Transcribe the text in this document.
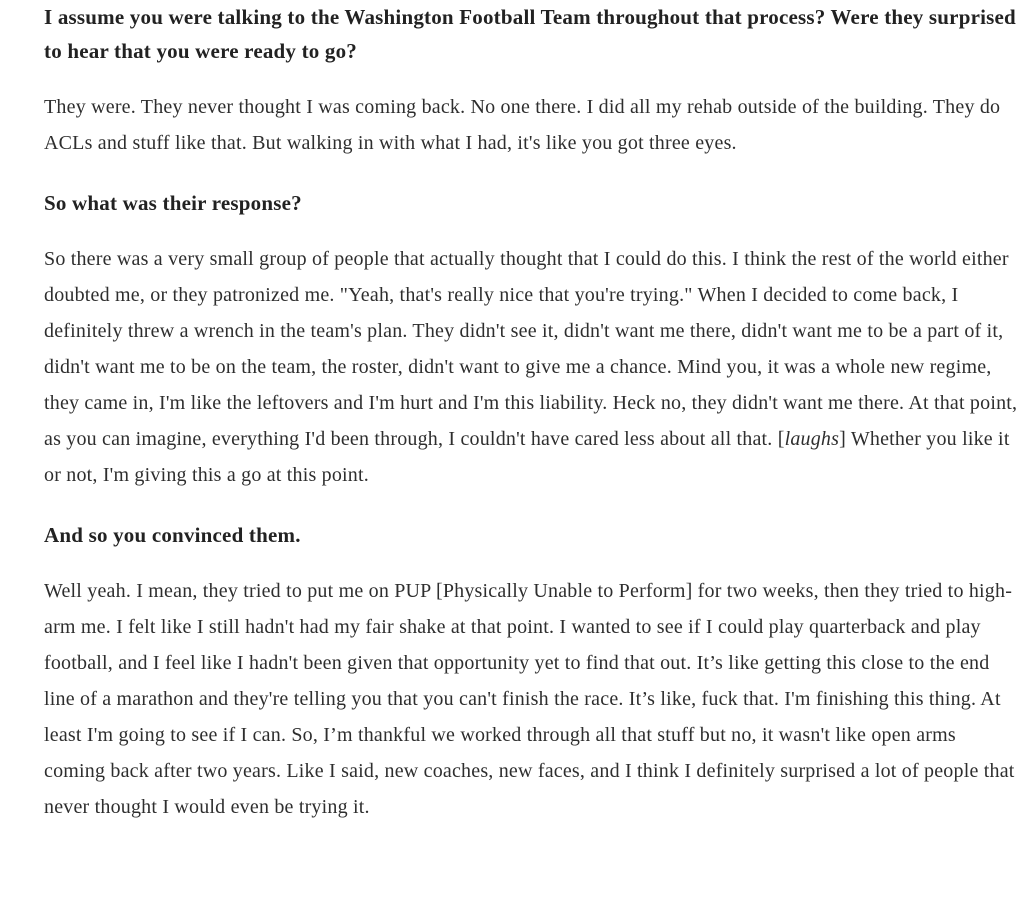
I assume you were talking to the Washington Football Team throughout that process? Were they surprised to hear that you were ready to go?

They were. They never thought I was coming back. No one there. I did all my rehab outside of the building. They do ACLs and stuff like that. But walking in with what I had, it's like you got three eyes.

So what was their response?

So there was a very small group of people that actually thought that I could do this. I think the rest of the world either doubted me, or they patronized me. "Yeah, that's really nice that you're trying." When I decided to come back, I definitely threw a wrench in the team's plan. They didn't see it, didn't want me there, didn't want me to be a part of it, didn't want me to be on the team, the roster, didn't want to give me a chance. Mind you, it was a whole new regime, they came in, I'm like the leftovers and I'm hurt and I'm this liability. Heck no, they didn't want me there. At that point, as you can imagine, everything I'd been through, I couldn't have cared less about all that. [laughs] Whether you like it or not, I'm giving this a go at this point.

And so you convinced them.

Well yeah. I mean, they tried to put me on PUP [Physically Unable to Perform] for two weeks, then they tried to high-arm me. I felt like I still hadn't had my fair shake at that point. I wanted to see if I could play quarterback and play football, and I feel like I hadn't been given that opportunity yet to find that out. It’s like getting this close to the end line of a marathon and they're telling you that you can't finish the race. It’s like, fuck that. I'm finishing this thing. At least I'm going to see if I can. So, I’m thankful we worked through all that stuff but no, it wasn't like open arms coming back after two years. Like I said, new coaches, new faces, and I think I definitely surprised a lot of people that never thought I would even be trying it.
